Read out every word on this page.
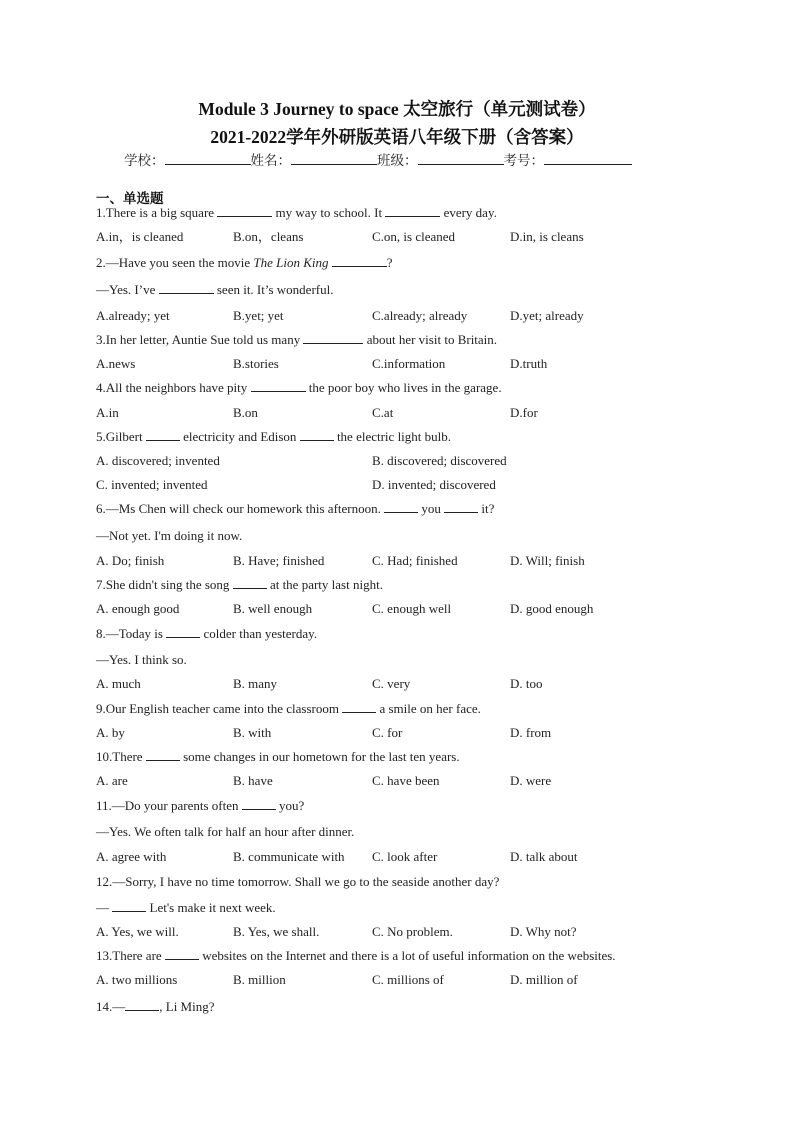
Module 3 Journey to space 太空旅行（单元测试卷）
2021-2022学年外研版英语八年级下册（含答案）
学校：	姓名：	班级：	考号：
一、单选题
1.There is a big square	my way to school. It	every day.
A.in，is cleaned	B.on，cleans	C.on, is cleaned	D.in, is cleans
2.—Have you seen the movie The Lion King	?
—Yes. I’ve	seen it. It’s wonderful.
A.already; yet	B.yet; yet	C.already; already	D.yet; already
3.In her letter, Auntie Sue told us many	about her visit to Britain.
A.news	B.stories	C.information	D.truth
4.All the neighbors have pity	the poor boy who lives in the garage.
A.in	B.on	C.at	D.for
5.Gilbert	electricity and Edison	the electric light bulb.
A. discovered; invented	B. discovered; discovered
C. invented; invented	D. invented; discovered
6.—Ms Chen will check our homework this afternoon.	you	it?
—Not yet. I'm doing it now.
A. Do; finish	B. Have; finished	C. Had; finished	D. Will; finish
7.She didn't sing the song	at the party last night.
A. enough good	B. well enough	C. enough well	D. good enough
8.—Today is	colder than yesterday.
—Yes. I think so.
A. much	B. many	C. very	D. too
9.Our English teacher came into the classroom	a smile on her face.
A. by	B. with	C. for	D. from
10.There	some changes in our hometown for the last ten years.
A. are	B. have	C. have been	D. were
11.—Do your parents often	you?
—Yes. We often talk for half an hour after dinner.
A. agree with	B. communicate with C. look after	D. talk about
12.—Sorry, I have no time tomorrow. Shall we go to the seaside another day?
—	Let's make it next week.
A. Yes, we will.	B. Yes, we shall.	C. No problem.	D. Why not?
13.There are	websites on the Internet and there is a lot of useful information on the websites.
A. two millions	B. million	C. millions of	D. million of
14.—	, Li Ming?
